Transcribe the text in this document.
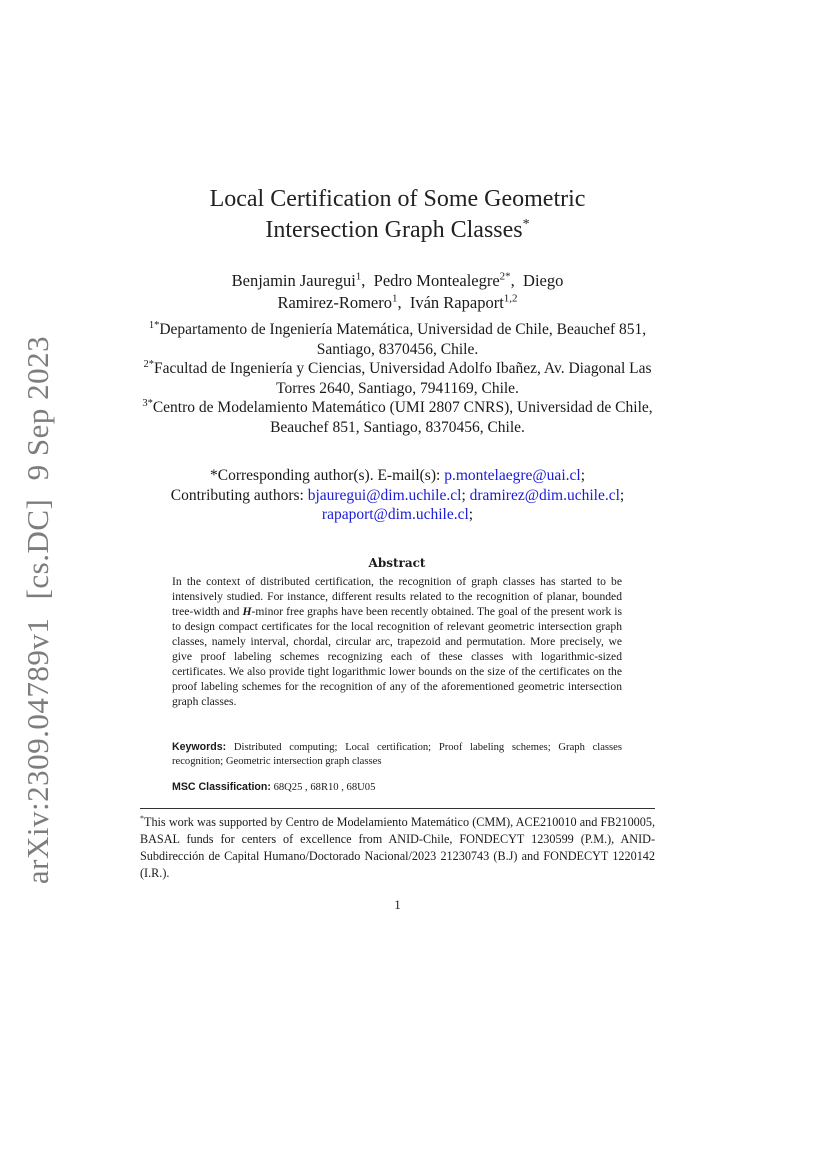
arXiv:2309.04789v1 [cs.DC] 9 Sep 2023
Local Certification of Some Geometric
Intersection Graph Classes*
Benjamin Jauregui$^1$,  Pedro Montealegre$^{2*}$,  Diego
Ramirez-Romero$^1$,  Iván Rapaport$^{1,2}$

$^{1*}$Departamento de Ingeniería Matemática, Universidad de Chile, Beauchef 851, Santiago, 8370456, Chile.

$^{2*}$Facultad de Ingeniería y Ciencias, Universidad Adolfo Ibañez, Av. Diagonal Las Torres 2640, Santiago, 7941169, Chile.

$^{3*}$Centro de Modelamiento Matemático (UMI 2807 CNRS), Universidad de Chile, Beauchef 851, Santiago, 8370456, Chile.

*Corresponding author(s). E-mail(s): p.montelaegre@uai.cl;
Contributing authors: bjauregui@dim.uchile.cl; dramirez@dim.uchile.cl;
rapaport@dim.uchile.cl;
Abstract

In the context of distributed certification, the recognition of graph classes has started to be intensively studied. For instance, different results related to the recognition of planar, bounded tree-width and H-minor free graphs have been recently obtained. The goal of the present work is to design compact certificates for the local recognition of relevant geometric intersection graph classes, namely interval, chordal, circular arc, trapezoid and permutation. More precisely, we give proof labeling schemes recognizing each of these classes with logarithmic-sized certificates. We also provide tight logarithmic lower bounds on the size of the certificates on the proof labeling schemes for the recognition of any of the aforementioned geometric intersection graph classes.

Keywords: Distributed computing; Local certification; Proof labeling schemes; Graph classes recognition; Geometric intersection graph classes
MSC Classification: 68Q25 , 68R10 , 68U05

*This work was supported by Centro de Modelamiento Matemático (CMM), ACE210010 and FB210005, BASAL funds for centers of excellence from ANID-Chile, FONDECYT 1230599 (P.M.), ANID-Subdirección de Capital Humano/Doctorado Nacional/2023 21230743 (B.J) and FONDECYT 1220142 (I.R.).

1
